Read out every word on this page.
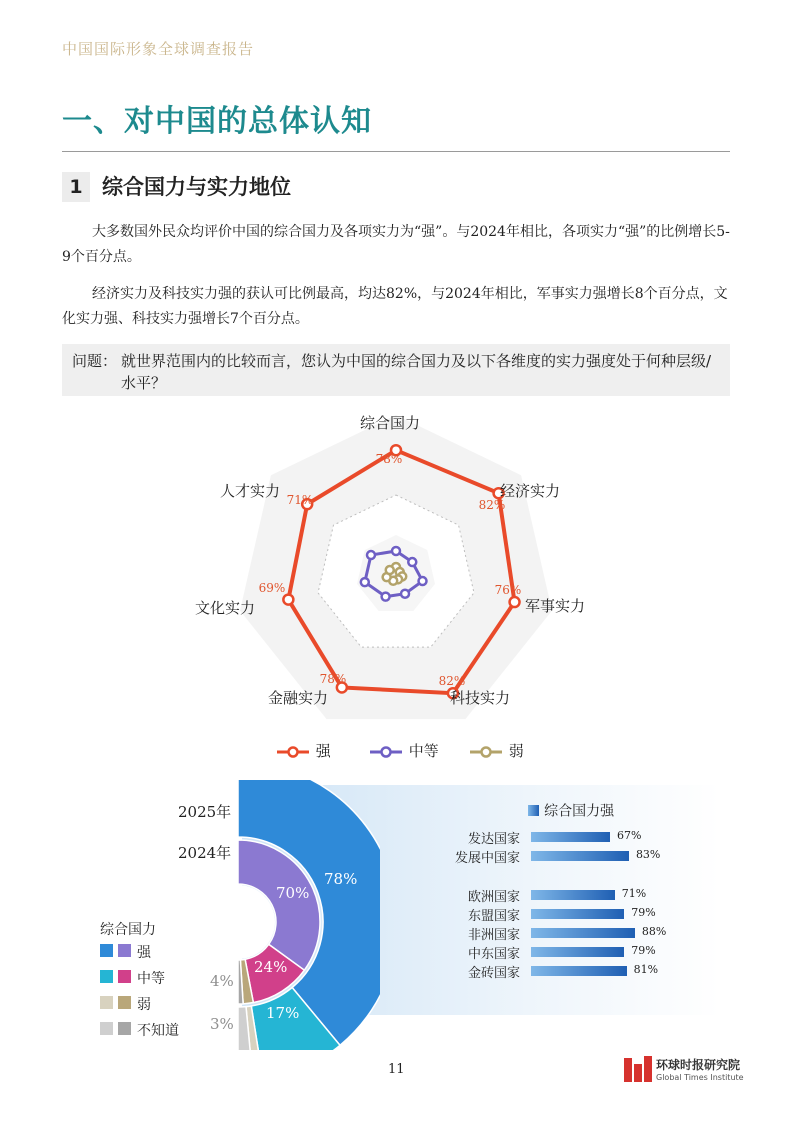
中国国际形象全球调查报告
一、对中国的总体认知
1 综合国力与实力地位
大多数国外民众均评价中国的综合国力及各项实力为“强”。与2024年相比，各项实力“强”的比例增长5-9个百分点。
经济实力及科技实力强的获认可比例最高，均达82%，与2024年相比，军事实力强增长8个百分点，文化实力强、科技实力强增长7个百分点。
问题： 就世界范围内的比较而言，您认为中国的综合国力及以下各维度的实力强度处于何种层级/水平？
综合国力
经济实力
军事实力
科技实力
金融实力
文化实力
人才实力
78%
82%
76%
82%
78%
69%
71%
强	中等	弱
78%
17%
3%
70%
24%
4%
2025年
2024年
综合国力
强
中等
弱
不知道
综合国力强
发达国家	67%
发展中国家	83%
欧洲国家	71%
东盟国家	79%
非洲国家	88%
中东国家	79%
金砖国家	81%
11	环球时报研究院
Global Times Institute
